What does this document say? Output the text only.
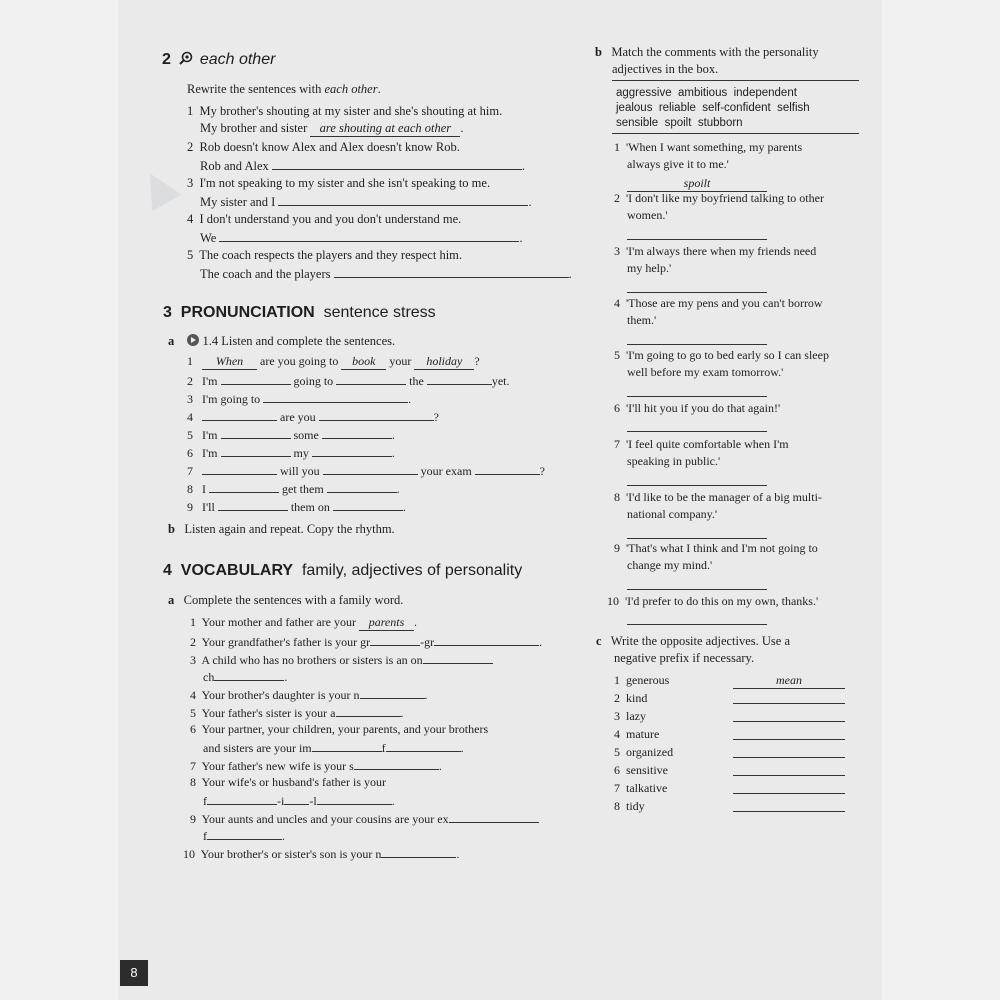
▲
2 each other
Rewrite the sentences with each other.
1 My brother's shouting at my sister and she's shouting at him.
My brother and sister are shouting at each other .
2 Rob doesn't know Alex and Alex doesn't know Rob.
Rob and Alex	.
3 I'm not speaking to my sister and she isn't speaking to me.
My sister and I	.
4 I don't understand you and you don't understand me.
We	.
5 The coach respects the players and they respect him.
The coach and the players	.
3 PRONUNCIATION sentence stress
a 1.4 Listen and complete the sentences.
1 When are you going to book your holiday ?
2 I'm	going to	the	yet.
3 I'm going to	.
4	are you	?
5 I'm	some	.
6 I'm	my	.
7	will you	your exam	?
8 I	get them	.
9 I'll	them on	.
b Listen again and repeat. Copy the rhythm.
4 VOCABULARY family, adjectives of personality
a Complete the sentences with a family word.
1 Your mother and father are your parents .
2 Your grandfather's father is your gr	-gr	.
3 A child who has no brothers or sisters is an on
ch	.
4 Your brother's daughter is your n	.
5 Your father's sister is your a	.
6 Your partner, your children, your parents, and your brothers
and sisters are your im	f	.
7 Your father's new wife is your s	.
8 Your wife's or husband's father is your
f	-i -l	.
9 Your aunts and uncles and your cousins are your ex
f	.
10 Your brother's or sister's son is your n	.
b Match the comments with the personality
adjectives in the box.
aggressive  ambitious  independent
jealous  reliable  self-confident  selfish
sensible  spoilt  stubborn
1 'When I want something, my parents
always give it to me.'
spoilt
2 'I don't like my boyfriend talking to other
women.'
3 'I'm always there when my friends need
my help.'
4 'Those are my pens and you can't borrow
them.'
5 'I'm going to go to bed early so I can sleep
well before my exam tomorrow.'
6 'I'll hit you if you do that again!'
7 'I feel quite comfortable when I'm
speaking in public.'
8 'I'd like to be the manager of a big multi-
national company.'
9 'That's what I think and I'm not going to
change my mind.'
10 'I'd prefer to do this on my own, thanks.'
c Write the opposite adjectives. Use a
negative prefix if necessary.
1 generous	mean
2 kind
3 lazy
4 mature
5 organized
6 sensitive
7 talkative
8 tidy
8
